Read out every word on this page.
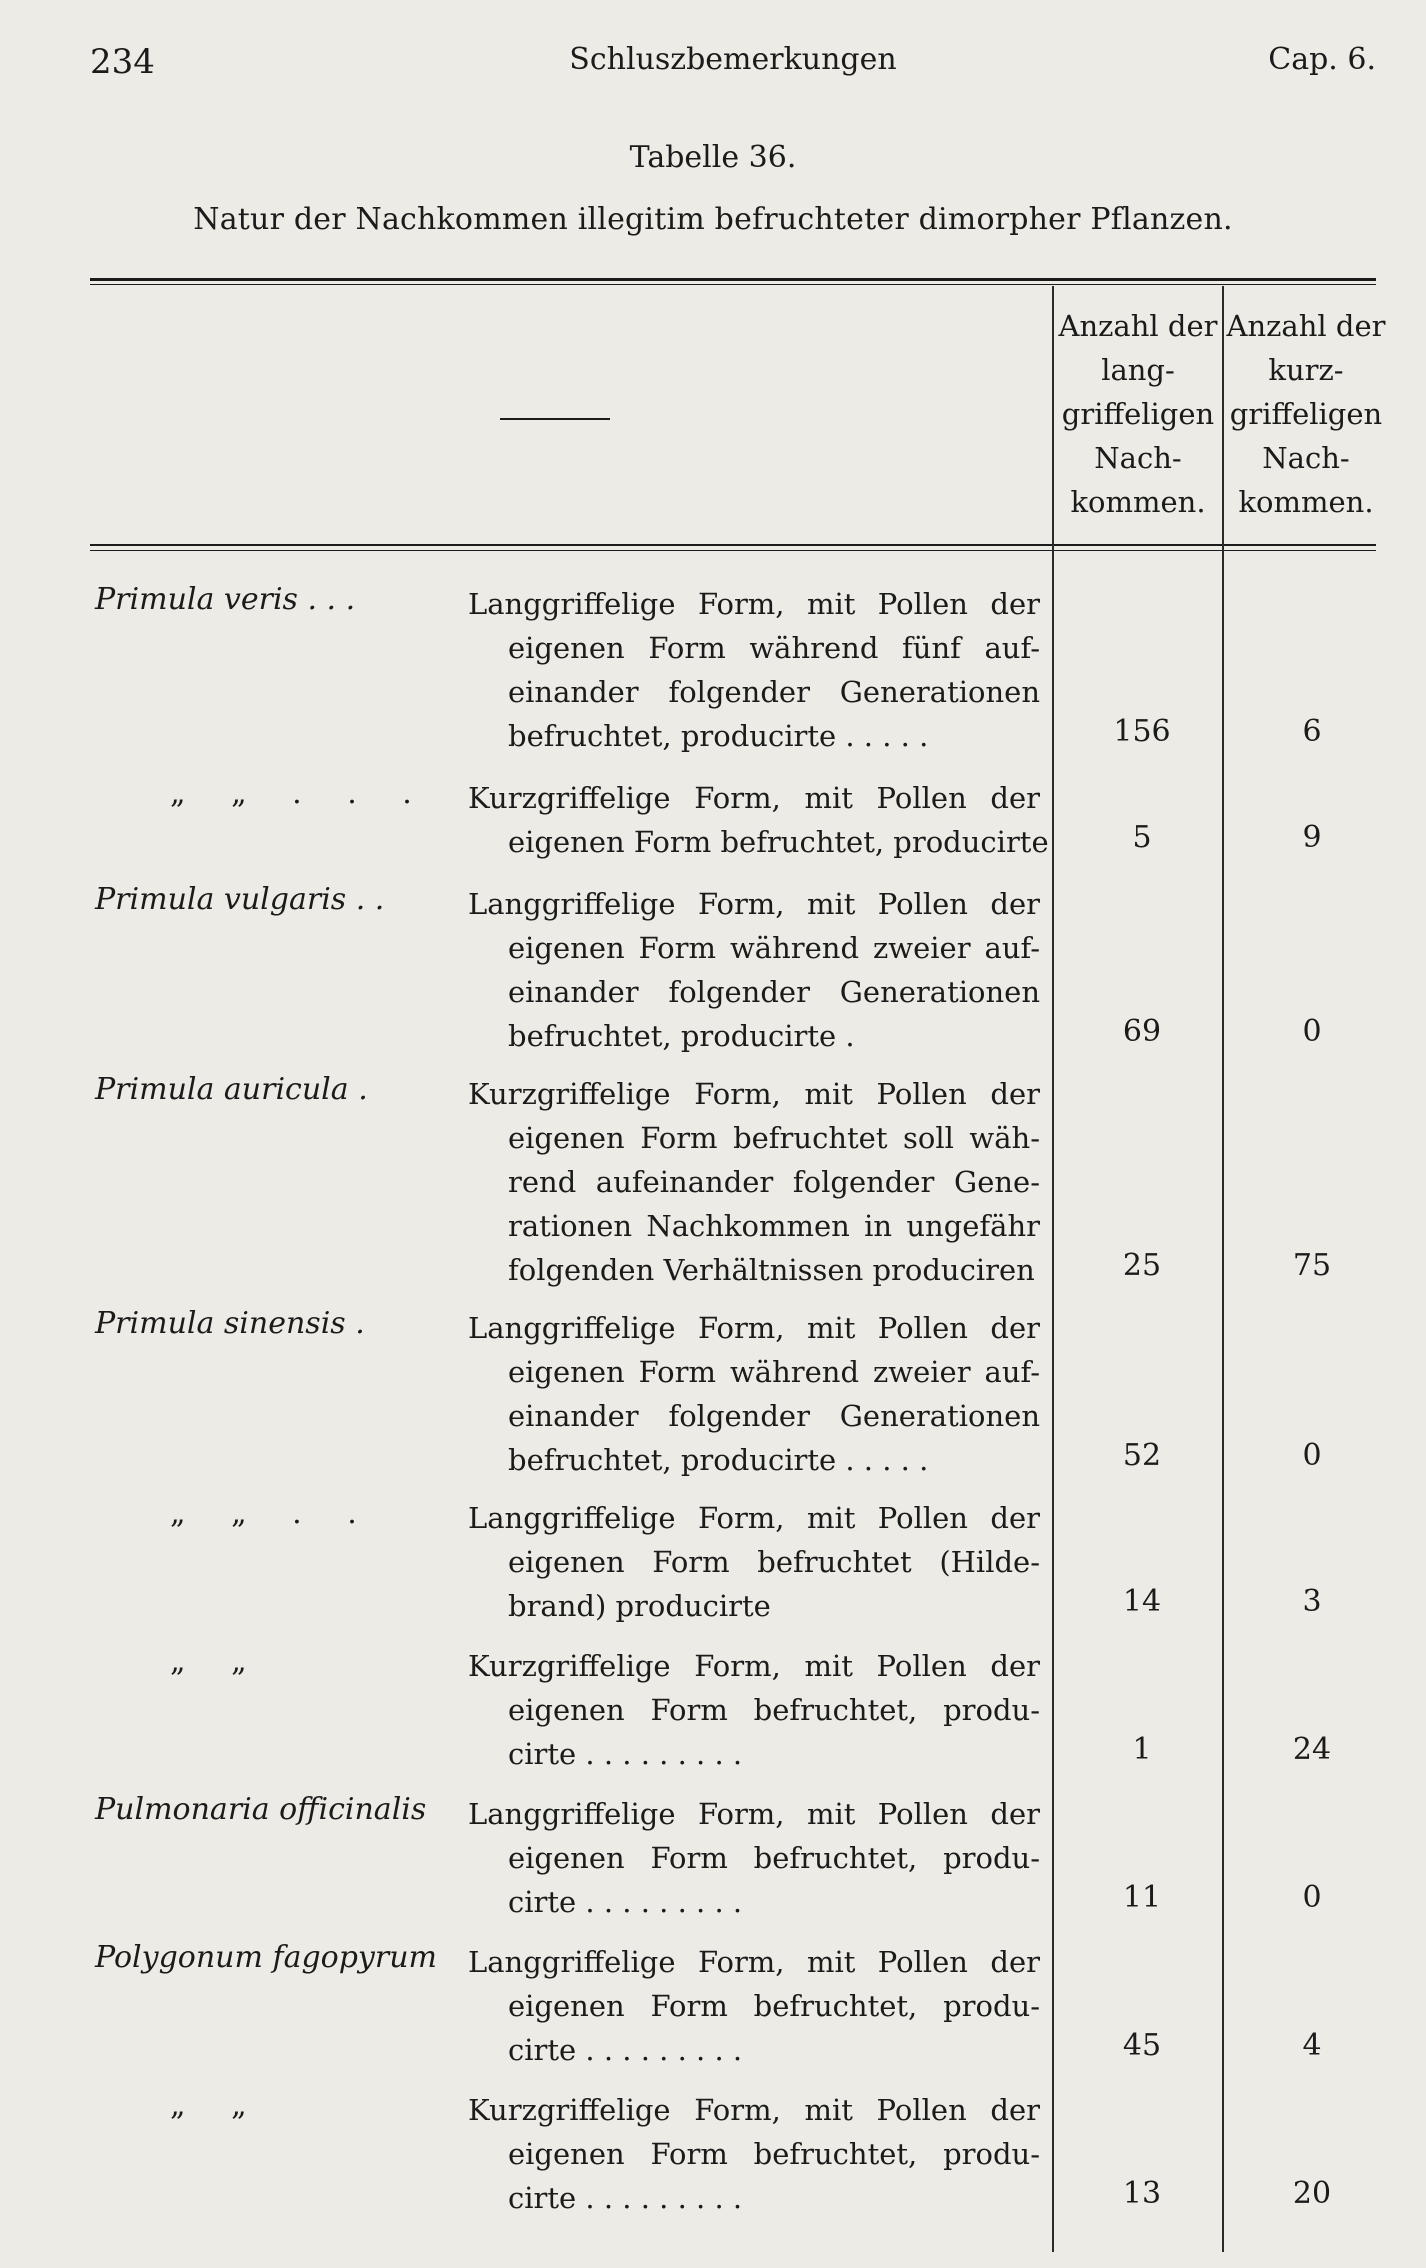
234	Schluszbemerkungen	Cap. 6.
Tabelle 36.
Natur der Nachkommen illegitim befruchteter dimorpher Pflanzen.
Anzahl der lang-griffeligen Nach-kommen.
Anzahl der kurz-griffeligen Nach-kommen.
Primula veris . . .	Langgriffelige Form, mit Pollen der
eigenen Form während fünf auf-
einander folgender Generationen
befruchtet, producirte . . . . .	156	6
„ „ . . . Kurzgriffelige Form, mit Pollen der
eigenen Form befruchtet, producirte	5	9
Primula vulgaris . .	Langgriffelige Form, mit Pollen der
eigenen Form während zweier auf-
einander folgender Generationen
befruchtet, producirte .	69	0
Primula auricula .	Kurzgriffelige Form, mit Pollen der
eigenen Form befruchtet soll wäh-
rend aufeinander folgender Gene-
rationen Nachkommen in ungefähr
folgenden Verhältnissen produciren	25	75
Primula sinensis .	Langgriffelige Form, mit Pollen der
eigenen Form während zweier auf-
einander folgender Generationen
befruchtet, producirte . . . . .	52	0
„ „ . .	Langgriffelige Form, mit Pollen der
eigenen Form befruchtet (Hilde-
brand) producirte	14	3
„ „	Kurzgriffelige Form, mit Pollen der
eigenen Form befruchtet, produ-
cirte . . . . . . . . .	1	24
Pulmonaria officinalis Langgriffelige Form, mit Pollen der
eigenen Form befruchtet, produ-
cirte . . . . . . . . .	11	0
Polygonum fagopyrum Langgriffelige Form, mit Pollen der
eigenen Form befruchtet, produ-
cirte . . . . . . . . .	45	4
„ „	Kurzgriffelige Form, mit Pollen der
eigenen Form befruchtet, produ-
cirte . . . . . . . . .	13	20
